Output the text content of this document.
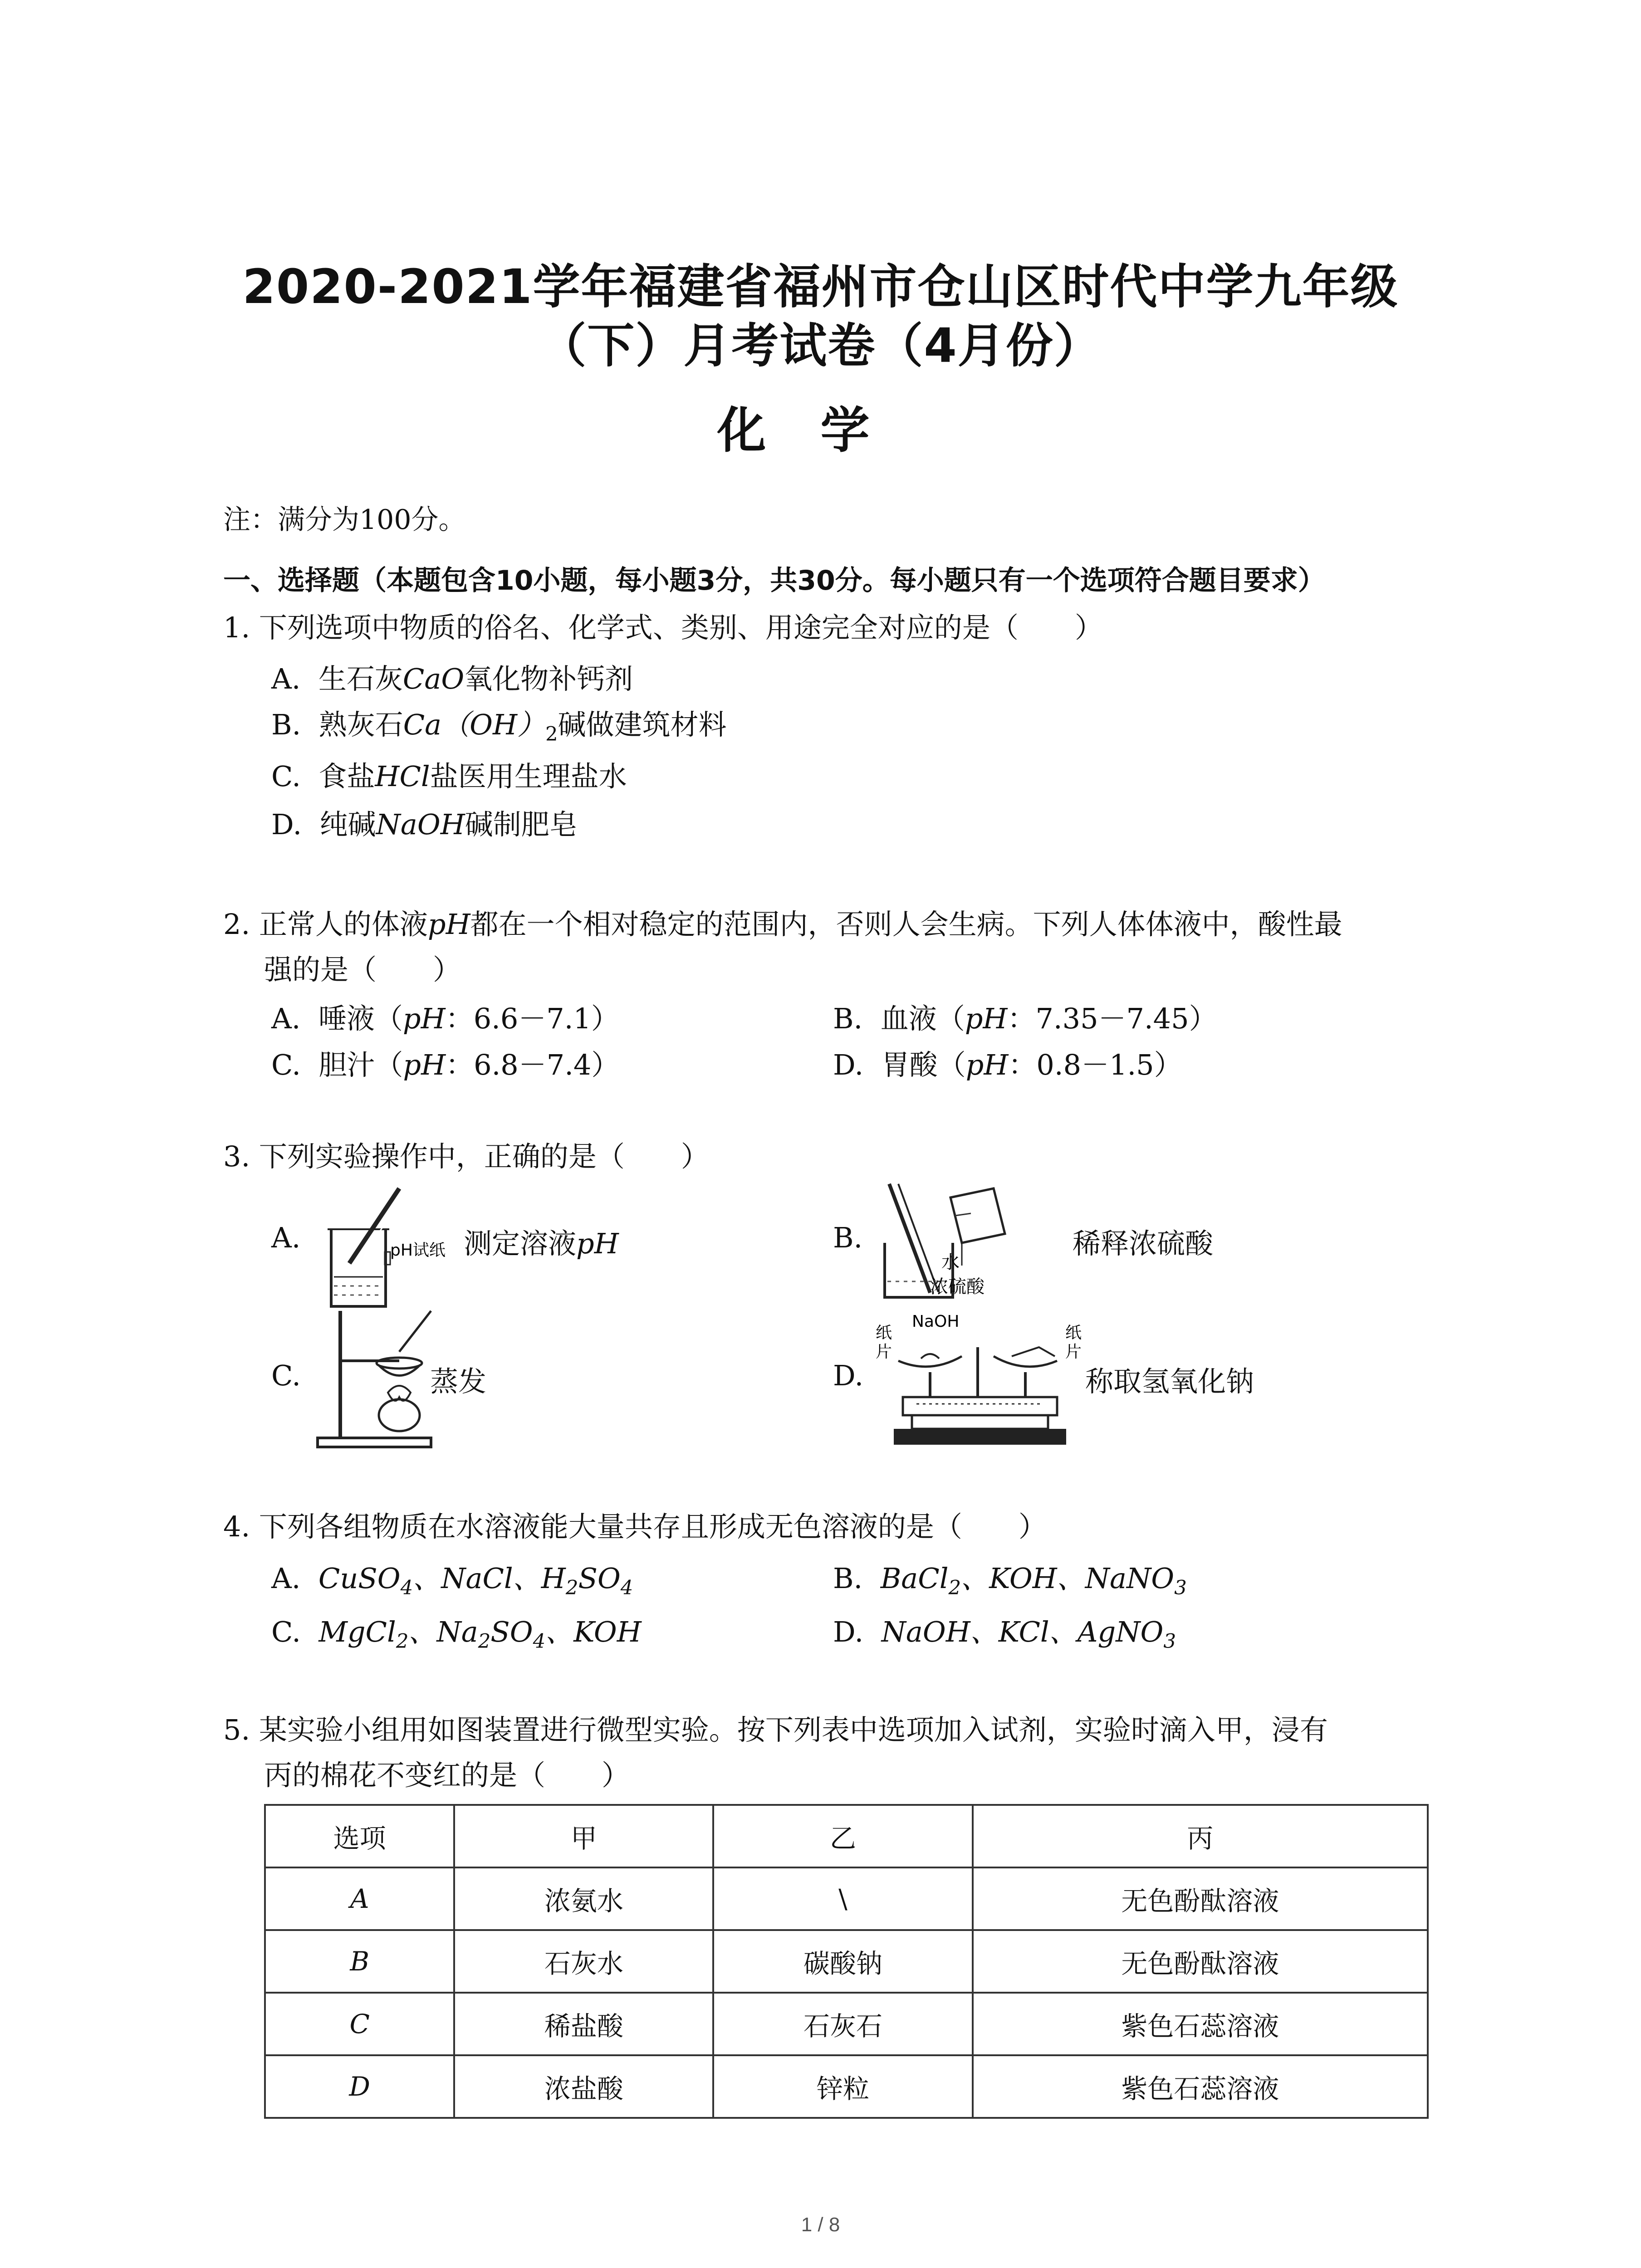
2020-2021学年福建省福州市仓山区时代中学九年级
（下）月考试卷（4月份）
化学
注：满分为100分。
一、选择题（本题包含10小题，每小题3分，共30分。每小题只有一个选项符合题目要求）
1. 下列选项中物质的俗名、化学式、类别、用途完全对应的是（　　）
A. 生石灰CaO氧化物补钙剂
B. 熟灰石$Ca(OH)_2$碱做建筑材料
C. 食盐HCl盐医用生理盐水
D. 纯碱NaOH碱制肥皂
2. 正常人的体液pH都在一个相对稳定的范围内，否则人会生病。下列人体体液中，酸性最
强的是（　　）
A. 唾液（pH：6.6－7.1）	B. 血液（pH：7.35－7.45）
C. 胆汁（pH：6.8－7.4）	D. 胃酸（pH：0.8－1.5）
3. 下列实验操作中，正确的是（　　）
A.	pH试纸 测定溶液pH	B.
水
浓硫酸
稀释浓硫酸
C.	蒸发	D.
NaOH
纸
片
纸
片
称取氢氧化钠
4. 下列各组物质在水溶液能大量共存且形成无色溶液的是（　　）
A. CuSO$_4$、NaCl、$H_2SO_4$	B. BaCl$_2$、KOH、NaNO$_3$
C. MgCl$_2$、$Na_2SO_4$、KOH	D. NaOH、KCl、AgNO$_3$
5. 某实验小组用如图装置进行微型实验。按下列表中选项加入试剂，实验时滴入甲，浸有
丙的棉花不变红的是（　　）
选项	甲	乙	丙
A	浓氨水	\	无色酚酞溶液
B	石灰水	碳酸钠	无色酚酞溶液
C	稀盐酸	石灰石	紫色石蕊溶液
D	浓盐酸	锌粒	紫色石蕊溶液
1 / 8
